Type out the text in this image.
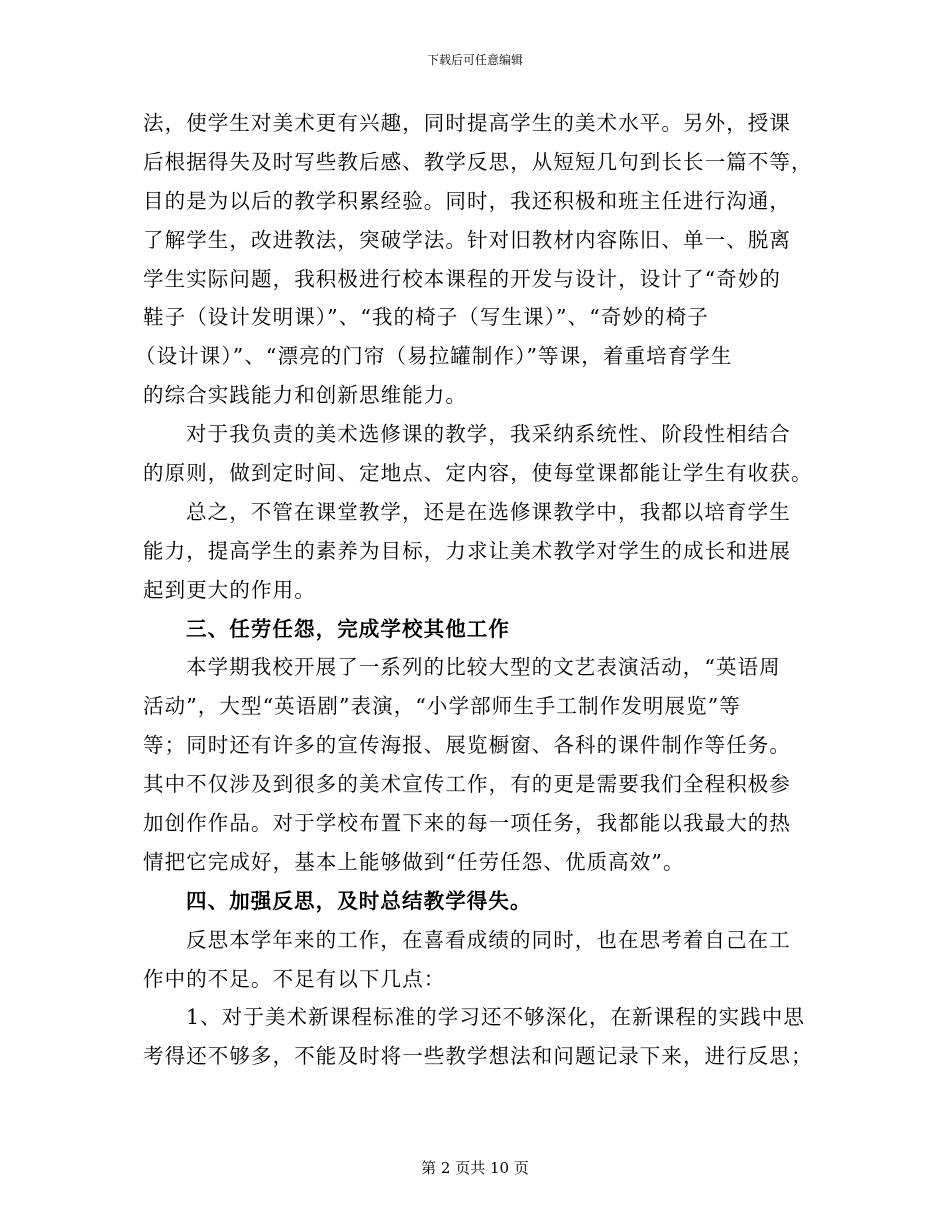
下载后可任意编辑
法，使学生对美术更有兴趣，同时提高学生的美术水平。另外，授课
后根据得失及时写些教后感、教学反思，从短短几句到长长一篇不等，
目的是为以后的教学积累经验。同时，我还积极和班主任进行沟通，
了解学生，改进教法，突破学法。针对旧教材内容陈旧、单一、脱离
学生实际问题，我积极进行校本课程的开发与设计，设计了“奇妙的
鞋子（设计发明课）”、“我的椅子（写生课）”、“奇妙的椅子
（设计课）”、“漂亮的门帘（易拉罐制作）”等课，着重培育学生
的综合实践能力和创新思维能力。
对于我负责的美术选修课的教学，我采纳系统性、阶段性相结合
的原则，做到定时间、定地点、定内容，使每堂课都能让学生有收获。
总之，不管在课堂教学，还是在选修课教学中，我都以培育学生
能力，提高学生的素养为目标，力求让美术教学对学生的成长和进展
起到更大的作用。
三、任劳任怨，完成学校其他工作
本学期我校开展了一系列的比较大型的文艺表演活动，“英语周
活动”，大型“英语剧”表演，“小学部师生手工制作发明展览”等
等；同时还有许多的宣传海报、展览橱窗、各科的课件制作等任务。
其中不仅涉及到很多的美术宣传工作，有的更是需要我们全程积极参
加创作作品。对于学校布置下来的每一项任务，我都能以我最大的热
情把它完成好，基本上能够做到“任劳任怨、优质高效”。
四、加强反思，及时总结教学得失。
反思本学年来的工作，在喜看成绩的同时，也在思考着自己在工
作中的不足。不足有以下几点：
1、对于美术新课程标准的学习还不够深化，在新课程的实践中思
考得还不够多，不能及时将一些教学想法和问题记录下来，进行反思；
第 2 页共 10 页
